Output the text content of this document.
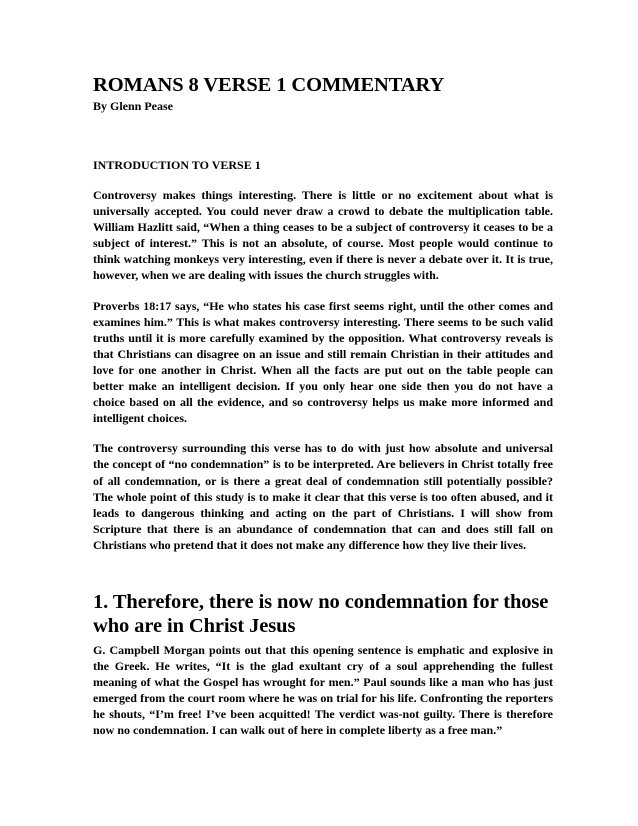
ROMANS 8 VERSE 1 COMMENTARY
By Glenn Pease
INTRODUCTION TO VERSE 1

Controversy makes things interesting. There is little or no excitement about what is universally accepted. You could never draw a crowd to debate the multiplication table. William Hazlitt said, “When a thing ceases to be a subject of controversy it ceases to be a subject of interest.” This is not an absolute, of course. Most people would continue to think watching monkeys very interesting, even if there is never a debate over it. It is true, however, when we are dealing with issues the church struggles with.

Proverbs 18:17 says, “He who states his case first seems right, until the other comes and examines him.” This is what makes controversy interesting. There seems to be such valid truths until it is more carefully examined by the opposition. What controversy reveals is that Christians can disagree on an issue and still remain Christian in their attitudes and love for one another in Christ. When all the facts are put out on the table people can better make an intelligent decision. If you only hear one side then you do not have a choice based on all the evidence, and so controversy helps us make more informed and intelligent choices.

The controversy surrounding this verse has to do with just how absolute and universal the concept of “no condemnation” is to be interpreted. Are believers in Christ totally free of all condemnation, or is there a great deal of condemnation still potentially possible? The whole point of this study is to make it clear that this verse is too often abused, and it leads to dangerous thinking and acting on the part of Christians. I will show from Scripture that there is an abundance of condemnation that can and does still fall on Christians who pretend that it does not make any difference how they live their lives.

1. Therefore, there is now no condemnation for those who are in Christ Jesus

G. Campbell Morgan points out that this opening sentence is emphatic and explosive in the Greek. He writes, “It is the glad exultant cry of a soul apprehending the fullest meaning of what the Gospel has wrought for men.” Paul sounds like a man who has just emerged from the court room where he was on trial for his life. Confronting the reporters he shouts, “I’m free! I’ve been acquitted! The verdict was-not guilty. There is therefore now no condemnation. I can walk out of here in complete liberty as a free man.”
